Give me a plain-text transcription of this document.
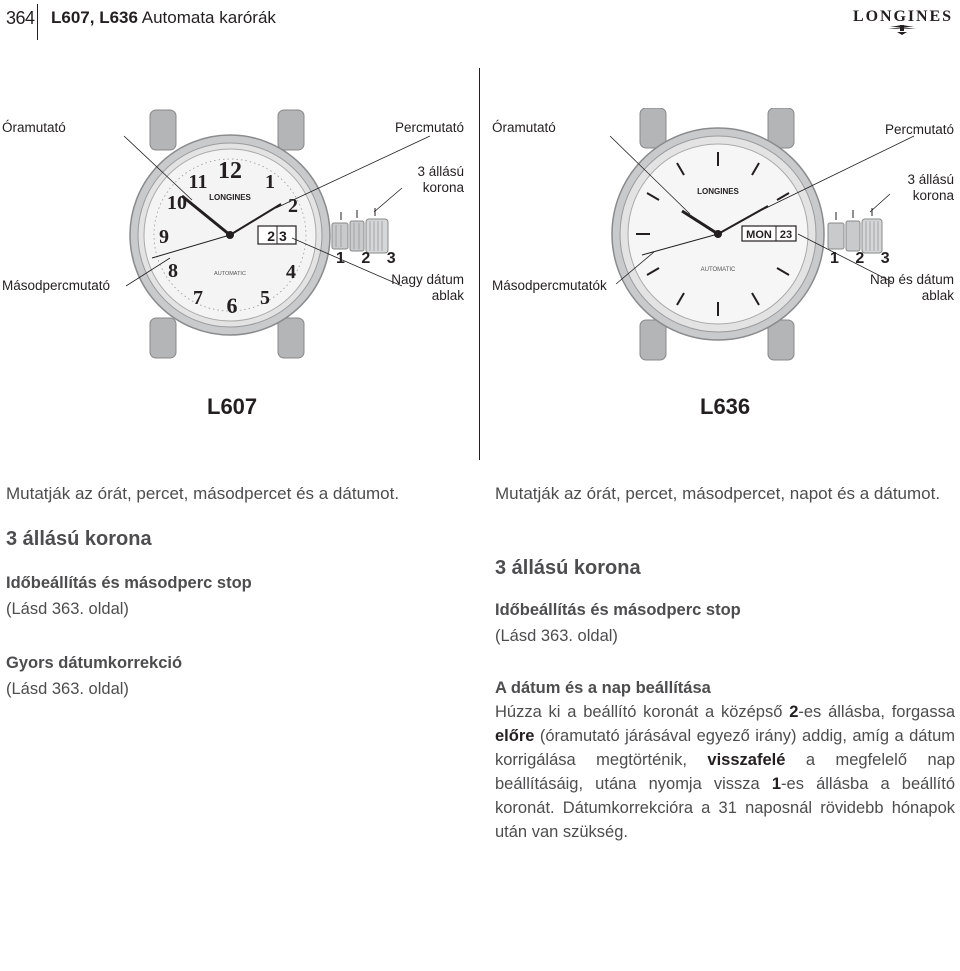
364 L607, L636 Automata karórák	LONGINES
12 1
2
4
5
6
7
8
9
10
11
LONGINES
AUTOMATIC
2 3
Óramutató	Percmutató
3 állású
korona
Másodpercmutató	Nagy dátum
ablak
1 2 3
LONGINES
AUTOMATIC
MON 23
Óramutató	Percmutató
3 állású
korona
Másodpercmutatók	Nap és dátum
ablak
1 2 3
L607	L636
Mutatják az órát, percet, másodpercet és a dátumot.
3 állású korona
Időbeállítás és másodperc stop
(Lásd 363. oldal)
Gyors dátumkorrekció
(Lásd 363. oldal)
Mutatják az órát, percet, másodpercet, napot és a dátumot.
3 állású korona
Időbeállítás és másodperc stop
(Lásd 363. oldal)
A dátum és a nap beállítása
Húzza ki a beállító koronát a középső 2-es állásba, forgassa előre (óramutató járásával egyező irány) addig, amíg a dátum korrigálása megtörténik, visszafelé a megfelelő nap beállításáig, utána nyomja vissza 1-es állásba a beállító koronát. Dátumkorrekcióra a 31 naposnál rövidebb hónapok után van szükség.
